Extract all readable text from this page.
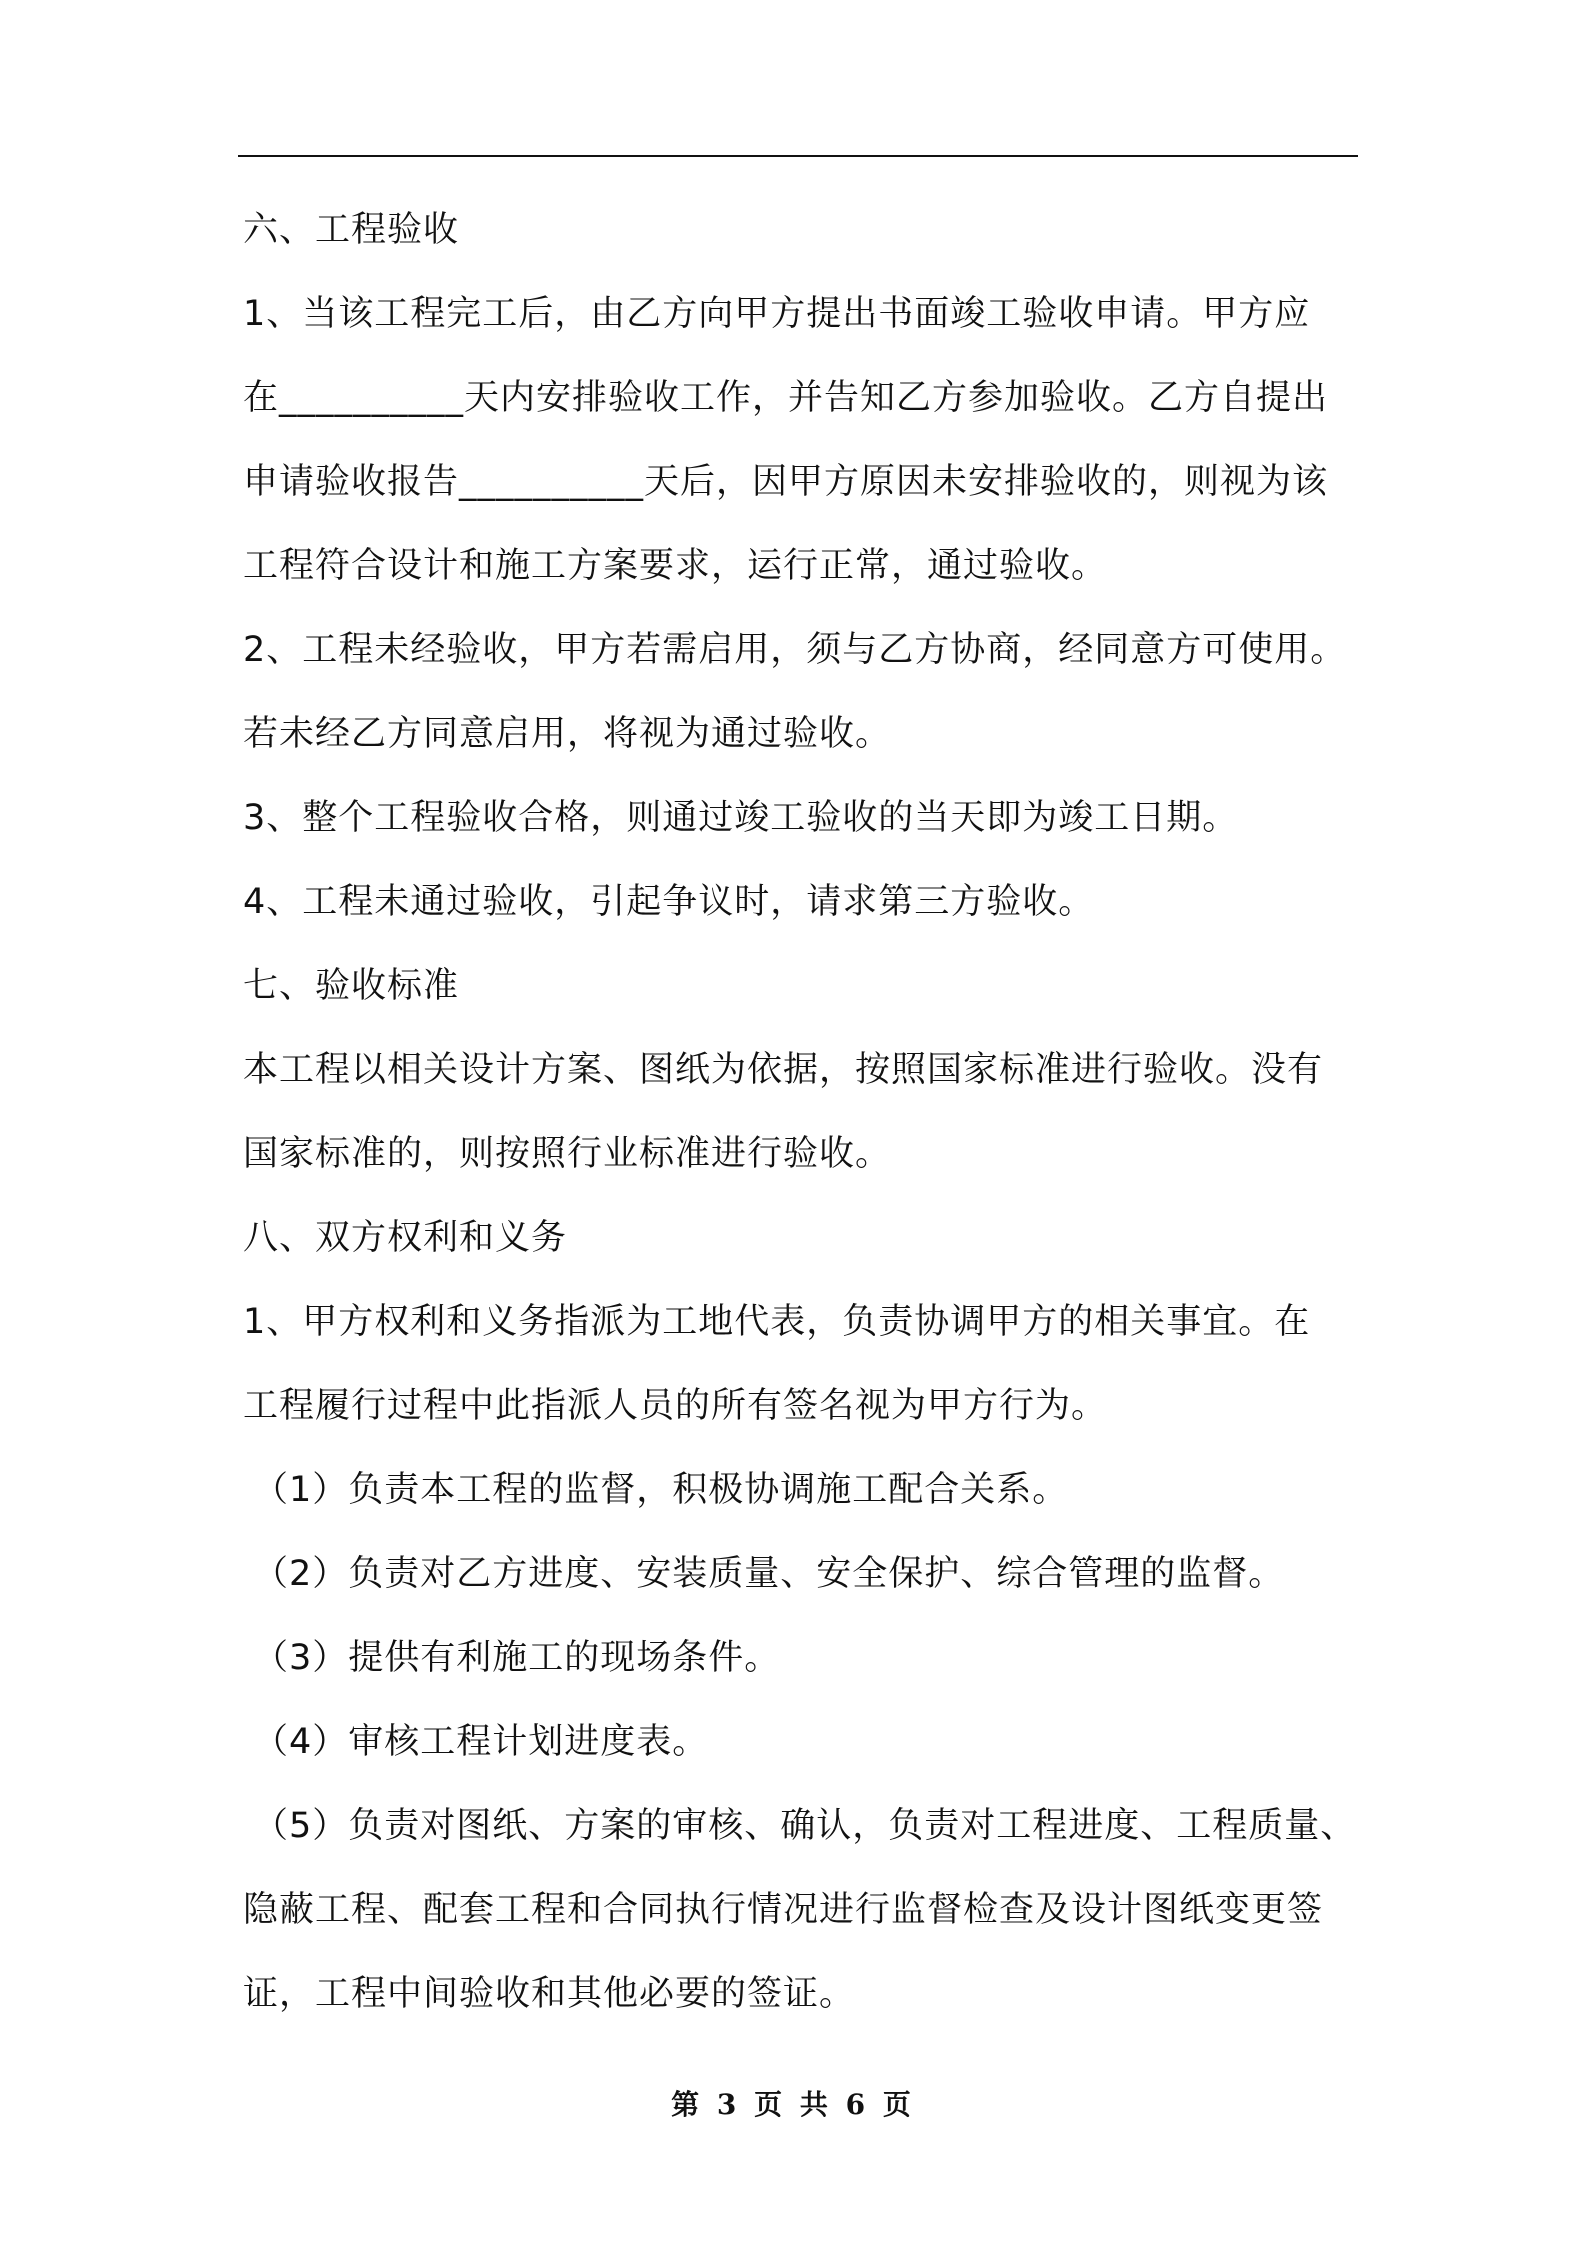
六、工程验收
1、当该工程完工后，由乙方向甲方提出书面竣工验收申请。甲方应
在__________天内安排验收工作，并告知乙方参加验收。乙方自提出
申请验收报告__________天后，因甲方原因未安排验收的，则视为该
工程符合设计和施工方案要求，运行正常，通过验收。
2、工程未经验收，甲方若需启用，须与乙方协商，经同意方可使用。
若未经乙方同意启用，将视为通过验收。
3、整个工程验收合格，则通过竣工验收的当天即为竣工日期。
4、工程未通过验收，引起争议时，请求第三方验收。
七、验收标准
本工程以相关设计方案、图纸为依据，按照国家标准进行验收。没有
国家标准的，则按照行业标准进行验收。
八、双方权利和义务
1、甲方权利和义务指派为工地代表，负责协调甲方的相关事宜。在
工程履行过程中此指派人员的所有签名视为甲方行为。
（1）负责本工程的监督，积极协调施工配合关系。
（2）负责对乙方进度、安装质量、安全保护、综合管理的监督。
（3）提供有利施工的现场条件。
（4）审核工程计划进度表。
（5）负责对图纸、方案的审核、确认，负责对工程进度、工程质量、
隐蔽工程、配套工程和合同执行情况进行监督检查及设计图纸变更签
证，工程中间验收和其他必要的签证。
第 3 页 共 6 页
